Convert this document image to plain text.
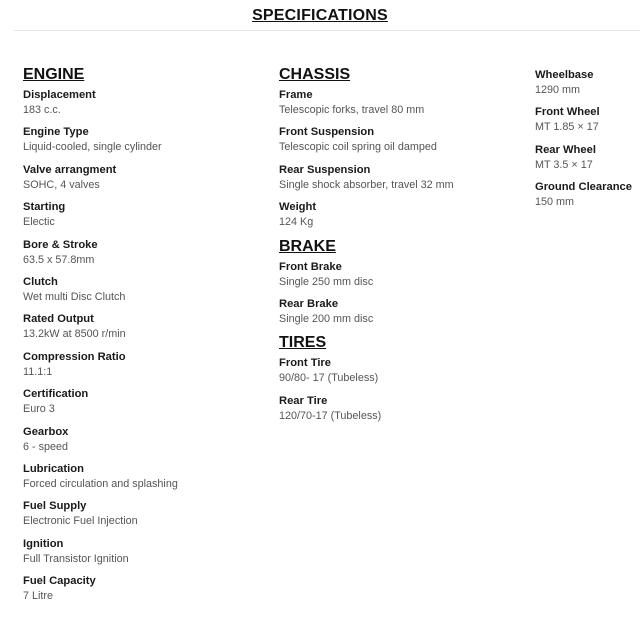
SPECIFICATIONS
ENGINE
Displacement
183 c.c.
Engine Type
Liquid-cooled, single cylinder
Valve arrangment
SOHC, 4 valves
Starting
Electic
Bore & Stroke
63.5 x 57.8mm
Clutch
Wet multi Disc Clutch
Rated Output
13.2kW at 8500 r/min
Compression Ratio
11.1:1
Certification
Euro 3
Gearbox
6 - speed
Lubrication
Forced circulation and splashing
Fuel Supply
Electronic Fuel Injection
Ignition
Full Transistor Ignition
Fuel Capacity
7 Litre
CHASSIS
Frame
Telescopic forks, travel 80 mm
Front Suspension
Telescopic coil spring oil damped
Rear Suspension
Single shock absorber, travel 32 mm
Weight
124 Kg
BRAKE
Front Brake
Single 250 mm disc
Rear Brake
Single 200 mm disc
TIRES
Front Tire
90/80- 17 (Tubeless)
Rear Tire
120/70-17 (Tubeless)
Wheelbase
1290 mm
Front Wheel
MT 1.85 × 17
Rear Wheel
MT 3.5 × 17
Ground Clearance
150 mm
